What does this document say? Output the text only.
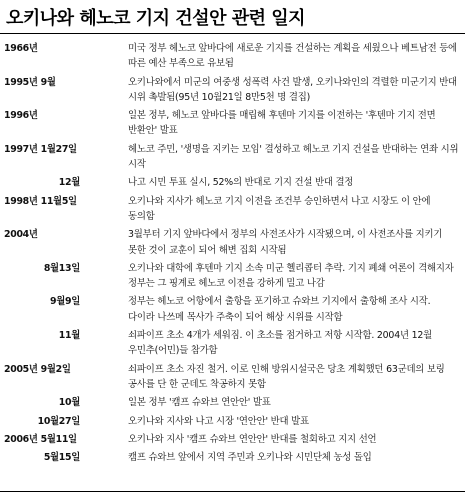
오키나와 헤노코 기지 건설안 관련 일지
1966년	미국 정부 헤노코 앞바다에 새로운 기지를 건설하는 계획을 세웠으나 베트남전 등에 따른 예산 부족으로 유보됨
1995년 9월	오키나와에서 미군의 여중생 성폭력 사건 발생, 오키나와인의 격렬한 미군기지 반대 시위 촉발됨(95년 10월21일 8만5천 명 결집)
1996년	일본 정부, 헤노코 앞바다를 매립해 후텐마 기지를 이전하는 '후텐마 기지 전면 반환안' 발표
1997년 1월27일	헤노코 주민, '생명을 지키는 모임' 결성하고 헤노코 기지 건설을 반대하는 연좌 시위 시작
12월	나고 시민 투표 실시, 52%의 반대로 기지 건설 반대 결정
1998년 11월5일	오키나와 지사가 헤노코 기지 이전을 조건부 승인하면서 나고 시장도 이 안에 동의함
2004년	3월부터 기지 앞바다에서 정부의 사전조사가 시작됐으며, 이 사전조사를 지키기 못한 것이 교훈이 되어 해변 집회 시작됨
8월13일	오키나와 대학에 후텐마 기지 소속 미군 헬리콥터 추락. 기지 폐쇄 여론이 격해지자 정부는 그 핑계로 헤노코 이전을 강하게 밀고 나감
9월9일	정부는 헤노코 어항에서 출항을 포기하고 슈와브 기지에서 출항해 조사 시작. 다이라 나쓰메 목사가 주축이 되어 해상 시위를 시작함
11월	쇠파이프 초소 4개가 세워짐. 이 초소를 점거하고 저항 시작함. 2004년 12월 우민추(어민)들 참가함
2005년 9월2일	쇠파이프 초소 자진 철거. 이로 인해 방위시설국은 당초 계획했던 63군데의 보링 공사를 단 한 군데도 착공하지 못함
10월	일본 정부 '캠프 슈와브 연안안' 발표
10월27일	오키나와 지사와 나고 시장 '연안안' 반대 발표
2006년 5월11일	오키나와 지사 '캠프 슈와브 연안안' 반대를 철회하고 지지 선언
5월15일	캠프 슈와브 앞에서 지역 주민과 오키나와 시민단체 농성 돌입
